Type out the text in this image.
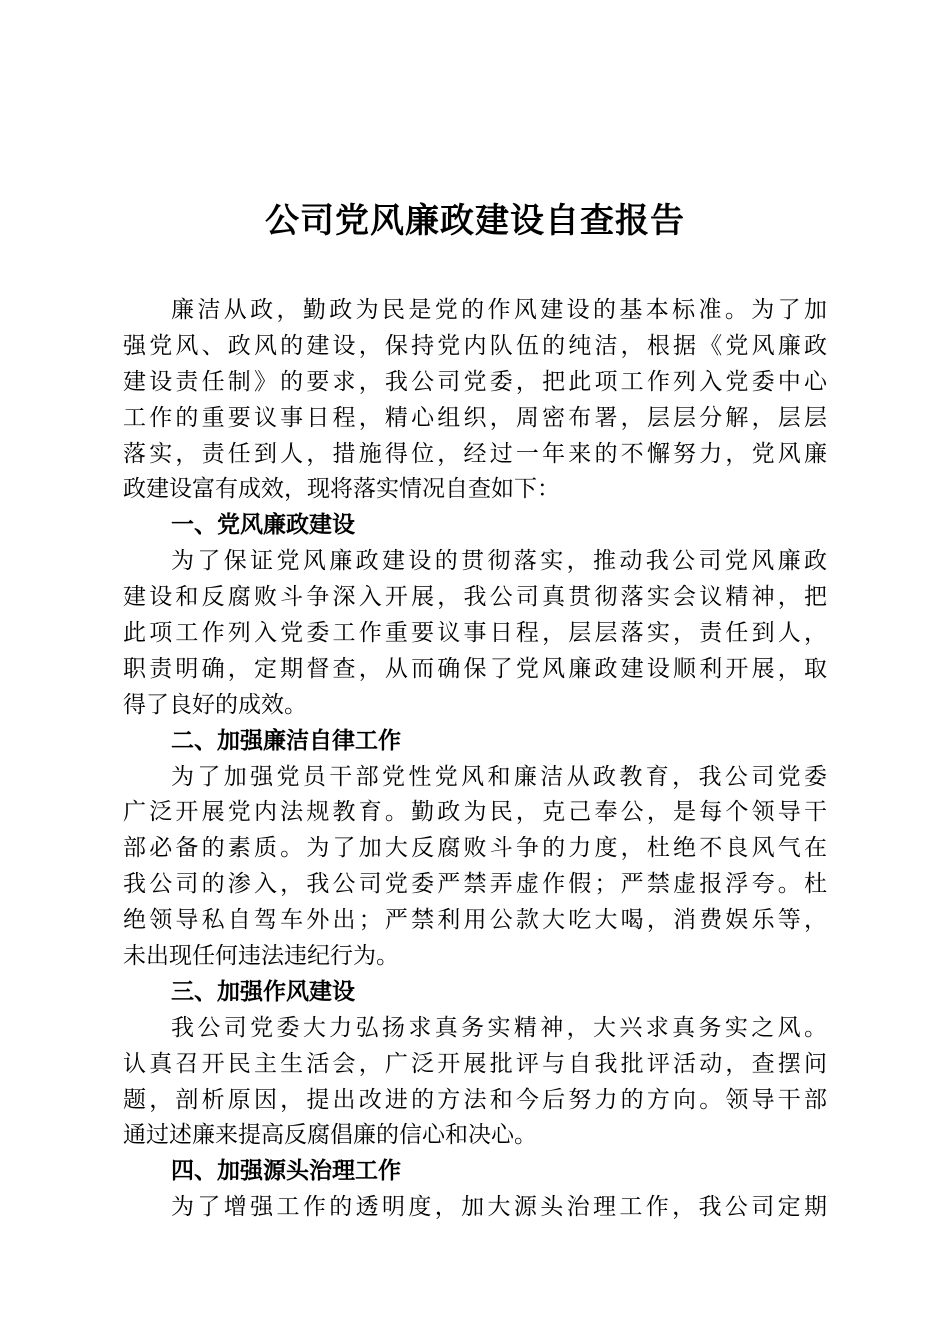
公司党风廉政建设自查报告
廉洁从政，勤政为民是党的作风建设的基本标准。为了加
强党风、政风的建设，保持党内队伍的纯洁，根据《党风廉政
建设责任制》的要求，我公司党委，把此项工作列入党委中心
工作的重要议事日程，精心组织，周密布署，层层分解，层层
落实，责任到人，措施得位，经过一年来的不懈努力，党风廉
政建设富有成效，现将落实情况自查如下：
一、党风廉政建设
为了保证党风廉政建设的贯彻落实，推动我公司党风廉政
建设和反腐败斗争深入开展，我公司真贯彻落实会议精神，把
此项工作列入党委工作重要议事日程，层层落实，责任到人，
职责明确，定期督查，从而确保了党风廉政建设顺利开展，取
得了良好的成效。
二、加强廉洁自律工作
为了加强党员干部党性党风和廉洁从政教育，我公司党委
广泛开展党内法规教育。勤政为民，克己奉公，是每个领导干
部必备的素质。为了加大反腐败斗争的力度，杜绝不良风气在
我公司的渗入，我公司党委严禁弄虚作假；严禁虚报浮夸。杜
绝领导私自驾车外出；严禁利用公款大吃大喝，消费娱乐等，
未出现任何违法违纪行为。
三、加强作风建设
我公司党委大力弘扬求真务实精神，大兴求真务实之风。
认真召开民主生活会，广泛开展批评与自我批评活动，查摆问
题，剖析原因，提出改进的方法和今后努力的方向。领导干部
通过述廉来提高反腐倡廉的信心和决心。
四、加强源头治理工作
为了增强工作的透明度，加大源头治理工作，我公司定期
